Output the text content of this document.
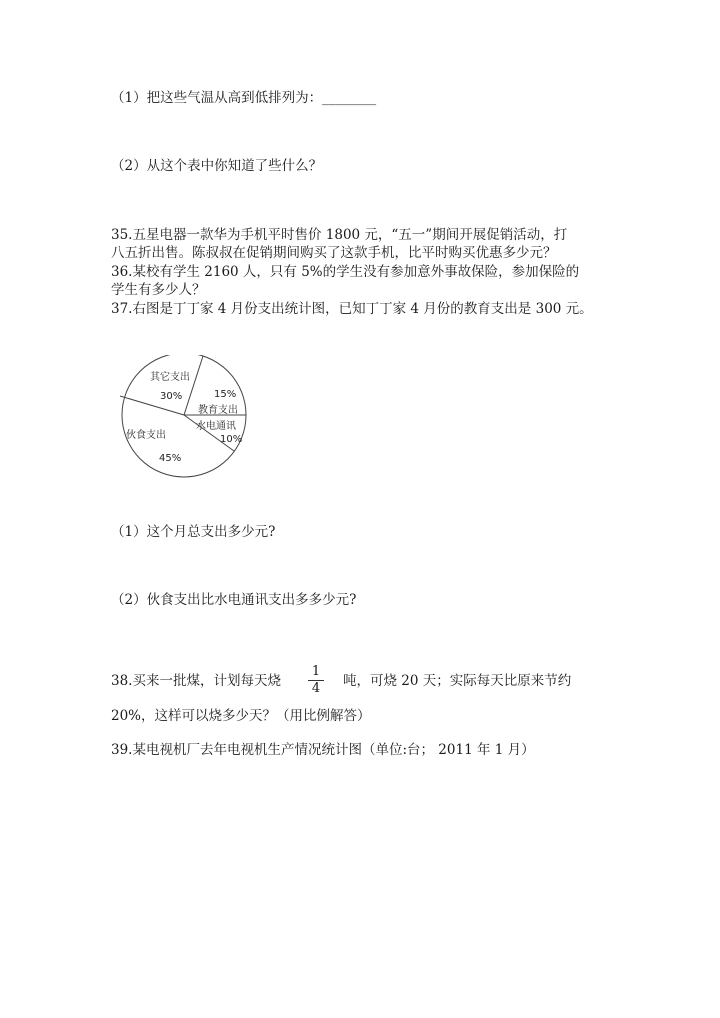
（1）把这些气温从高到低排列为：________
（2）从这个表中你知道了些什么？
35.五星电器一款华为手机平时售价 1800 元，“五一”期间开展促销活动，打
八五折出售。陈叔叔在促销期间购买了这款手机，比平时购买优惠多少元？
36.某校有学生 2160 人，只有 5%的学生没有参加意外事故保险，参加保险的
学生有多少人？
37.右图是丁丁家 4 月份支出统计图，已知丁丁家 4 月份的教育支出是 300 元。
其它支出
30%	15%
教育支出
水电通讯
10%
伙食支出
45%
（1）这个月总支出多少元?
（2）伙食支出比水电通讯支出多多少元?
38.买来一批煤，计划每天烧
1
4 吨，可烧 20 天；实际每天比原来节约
20%，这样可以烧多少天？（用比例解答）
39.某电视机厂去年电视机生产情况统计图（单位:台； 2011 年 1 月）
